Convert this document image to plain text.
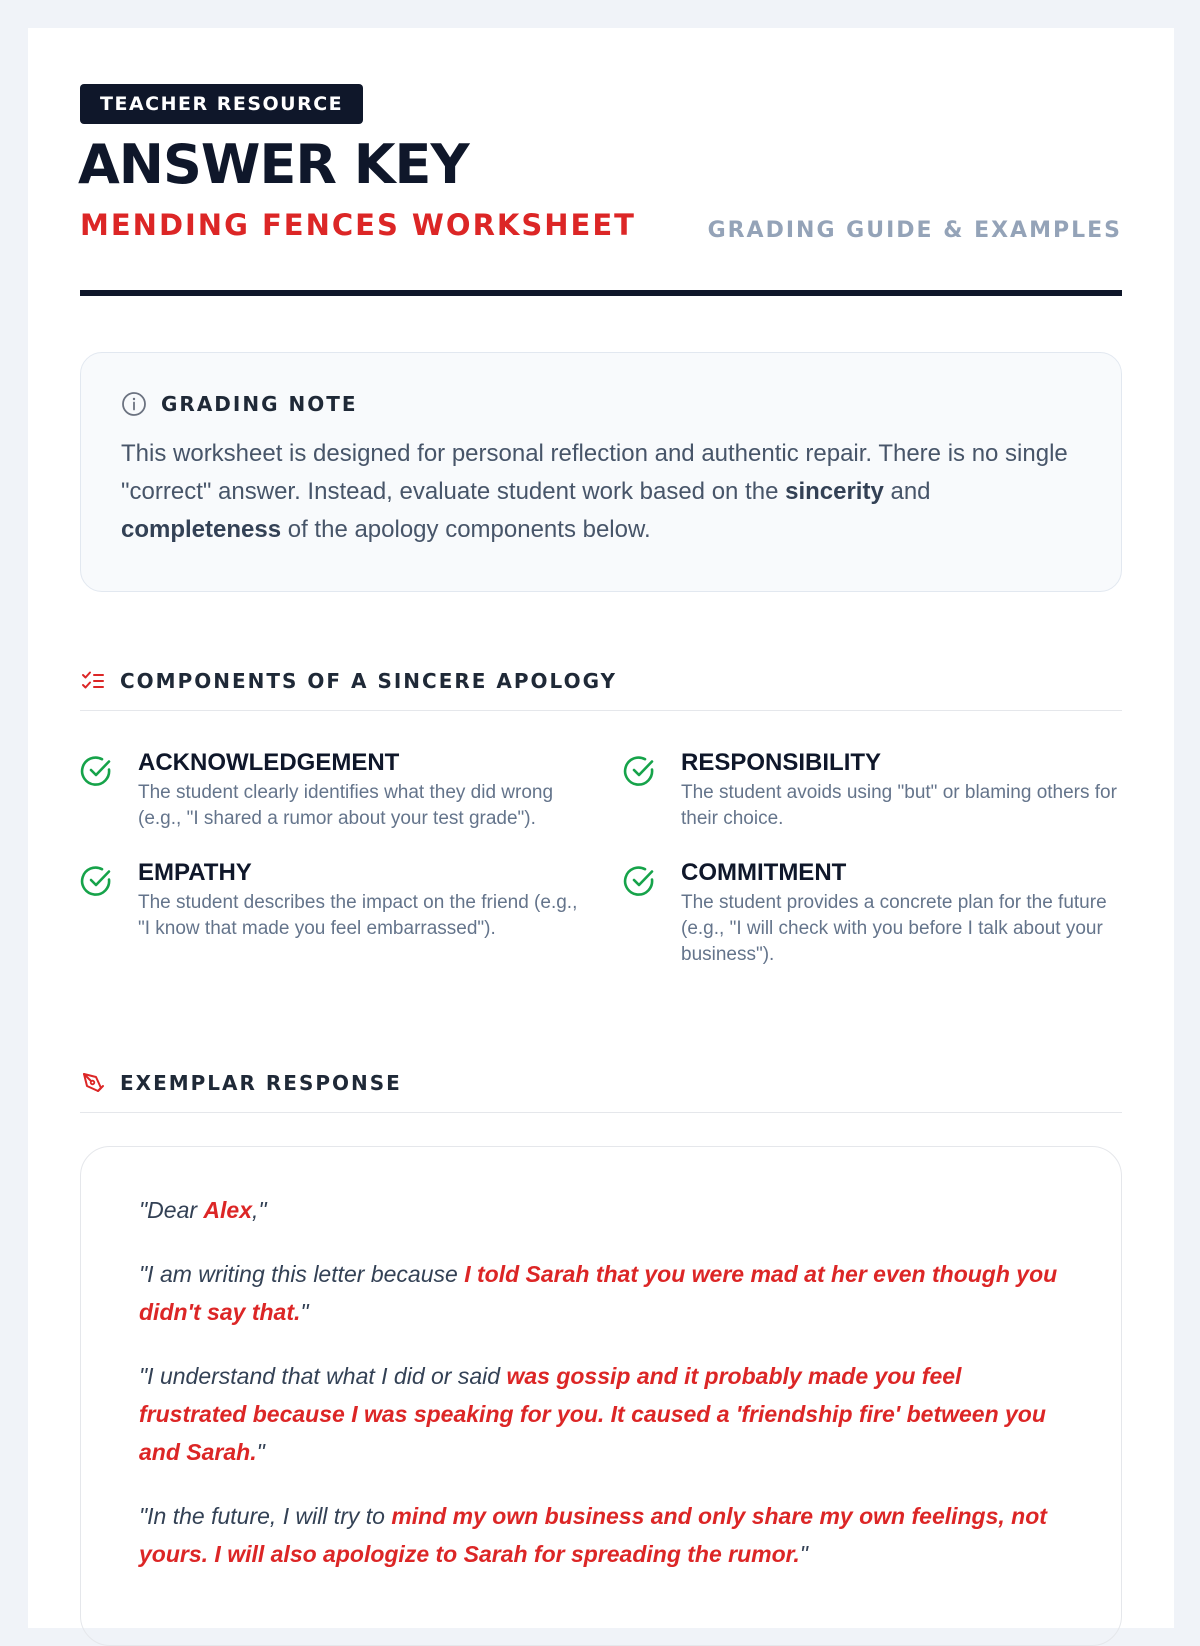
TEACHER RESOURCE
ANSWER KEY
MENDING FENCES WORKSHEET	GRADING GUIDE & EXAMPLES
GRADING NOTE
This worksheet is designed for personal reflection and authentic repair. There is no single "correct" answer. Instead, evaluate student work based on the sincerity and completeness of the apology components below.
COMPONENTS OF A SINCERE APOLOGY
ACKNOWLEDGEMENT
The student clearly identifies what they did wrong (e.g., "I shared a rumor about your test grade").
EMPATHY
The student describes the impact on the friend (e.g., "I know that made you feel embarrassed").
RESPONSIBILITY
The student avoids using "but" or blaming others for their choice.
COMMITMENT
The student provides a concrete plan for the future (e.g., "I will check with you before I talk about your business").
EXEMPLAR RESPONSE

"Dear Alex,"

"I am writing this letter because I told Sarah that you were mad at her even though you didn't say that."

"I understand that what I did or said was gossip and it probably made you feel frustrated because I was speaking for you. It caused a 'friendship fire' between you and Sarah."

"In the future, I will try to mind my own business and only share my own feelings, not yours. I will also apologize to Sarah for spreading the rumor."
